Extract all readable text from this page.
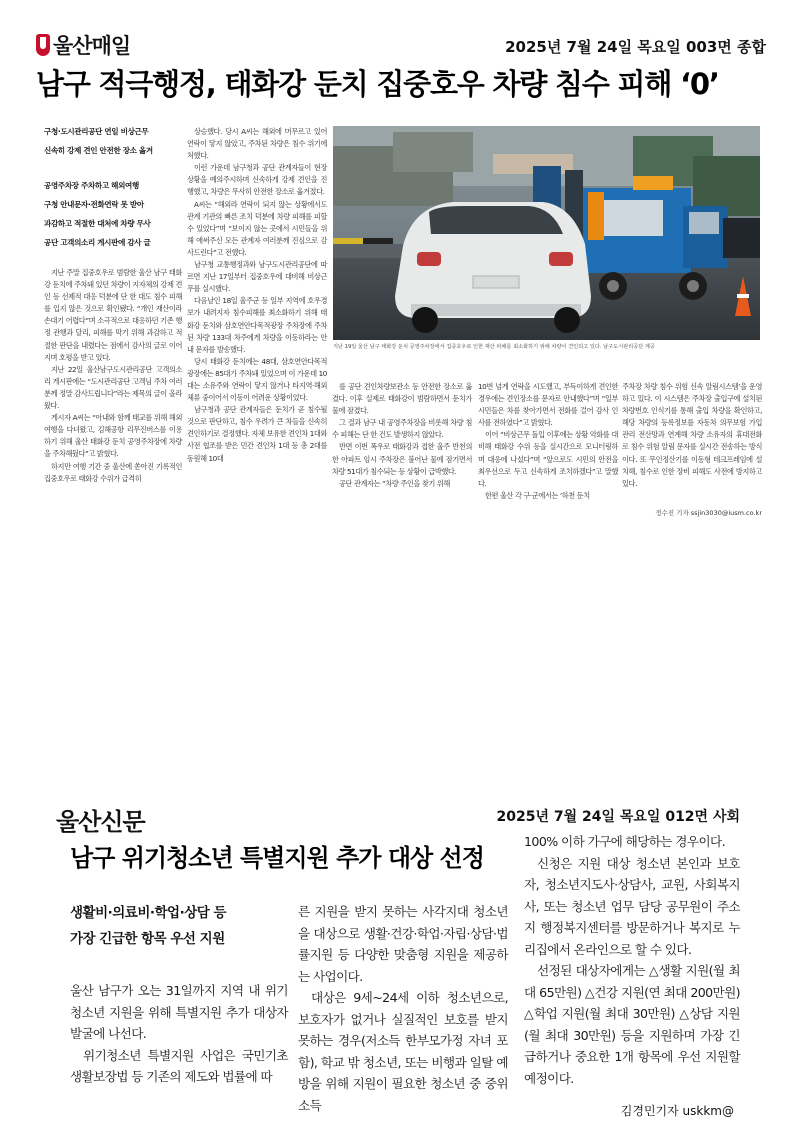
울산매일	2025년 7월 24일 목요일 003면 종합
남구 적극행정, 태화강 둔치 집중호우 차량 침수 피해 ‘0’
구청·도시관리공단 연일 비상근무
신속히 강제 견인 안전한 장소 옮겨
공영주차장 주차하고 해외여행
구청 안내문자·전화연락 못 받아
과감하고 적절한 대처에 차량 무사
공단 고객의소리 게시판에 감사 글

지난 주말 집중호우로 범람한 울산 남구 태화강 둔치에 주차돼 있던 차량이 지자체의 강제 견인 등 선제적 대응 덕분에 단 한 대도 침수 피해를 입지 않은 것으로 확인됐다. “개인 재산이라 손대기 어렵다”며 소극적으로 대응하던 기존 행정 관행과 달리, 피해를 막기 위해 과감하고 적절한 판단을 내렸다는 점에서 감사의 글로 이어지며 호평을 받고 있다.

지난 22일 울산남구도시관리공단 고객의소리 게시판에는 “도시관리공단 고객님 주차 여러분께 정말 감사드립니다”라는 제목의 글이 올라왔다.

게시자 A씨는 “아내와 함께 태교를 위해 해외여행을 다녀왔고, 김해공항 리무진버스를 이용하기 위해 울산 태화강 둔치 공영주차장에 차량을 주차해뒀다”고 밝혔다.

하지만 여행 기간 중 울산에 쏟아진 기록적인 집중호우로 태화강 수위가 급격히

상승했다. 당시 A씨는 해외에 머무르고 있어 연락이 닿지 않았고, 주차된 차량은 침수 위기에 처했다.

이런 가운데 남구청과 공단 관계자들이 현장 상황을 예의주시하며 신속하게 강제 견인을 진행했고, 차량은 무사히 안전한 장소로 옮겨졌다.

A씨는 “해외라 연락이 되지 않는 상황에서도 관계 기관의 빠른 조치 덕분에 차량 피해를 피할 수 있었다”며 “보이지 않는 곳에서 시민들을 위해 애써주신 모든 관계자 여러분께 진심으로 감사드린다”고 전했다.

남구청 교통행정과와 남구도시관리공단에 따르면 지난 17일부터 집중호우에 대비해 비상근무를 실시했다.

다음날인 18일 울주군 등 일부 지역에 호우경보가 내려지자 침수피해를 최소화하기 위해 태화강 둔치와 삼호연안다목적광장 주차장에 주차된 차량 133대 차주에게 차량을 이동하라는 안내 문자를 발송했다.

당시 태화강 둔치에는 48대, 삼호연안다목적광장에는 85대가 주차돼 있었으며 이 가운데 10대는 소유주와 연락이 닿지 않거나 타지역·해외 체류 중이어서 이동이 어려운 상황이었다.

남구청과 공단 관계자들은 둔치가 곧 침수될 것으로 판단하고, 침수 우려가 큰 차들을 신속히 견인하기로 결정했다. 자체 보유한 견인차 1대와 사전 협조를 받은 민간 견인차 1대 등 총 2대를 동원해 10대

지난 19일 울산 남구 태화강 둔치 공영주차장에서 집중호우로 인한 재산 피해를 최소화하기 위해 차량이 견인되고 있다. 남구도시관리공단 제공

를 공단 견인차량보관소 등 안전한 장소로 옮겼다. 이후 실제로 태화강이 범람하면서 둔치가 물에 잠겼다.

그 결과 남구 내 공영주차장을 비롯해 차량 침수 피해는 단 한 건도 발생하지 않았다.

반면 이번 폭우로 태화강과 접한 울주 반천의 한 아파트 임시 주차장은 불어난 물에 잠기면서 차량 51대가 침수되는 등 상황이 급박했다.

공단 관계자는 “차량 주인을 찾기 위해

10번 넘게 연락을 시도했고, 부득이하게 견인한 경우에는 견인장소를 문자로 안내했다”며 “일부 시민들은 차를 찾아가면서 전화를 걸어 감사 인사를 전하였다”고 밝혔다.

이어 “비상근무 돌입 이후에는 상황 악화를 대비해 태화강 수위 등을 실시간으로 모니터링하며 대응에 나섰다”며 “앞으로도 시민의 안전을 최우선으로 두고 신속하게 조치하겠다”고 말했다.

한편 울산 각 구·군에서는 ‘하천 둔치

주차장 차량 침수 위험 신속 알림시스템’을 운영하고 있다. 이 시스템은 주차장 출입구에 설치된 차량번호 인식기를 통해 출입 차량을 확인하고, 해당 차량의 등록정보를 자동차 의무보험 가입관리 전산망과 연계해 차량 소유자의 휴대전화로 침수 위험 알림 문자를 실시간 전송하는 방식이다. 또 무인정산기를 이동형 테크프레임에 설치해, 침수로 인한 장비 피해도 사전에 방지하고 있다.

정수진 기자 ssjin3030@iusm.co.kr
울산신문	2025년 7월 24일 목요일 012면 사회
남구 위기청소년 특별지원 추가 대상 선정
생활비·의료비·학업·상담 등
가장 긴급한 항목 우선 지원

울산 남구가 오는 31일까지 지역 내 위기청소년 지원을 위해 특별지원 추가 대상자 발굴에 나선다.

위기청소년 특별지원 사업은 국민기초생활보장법 등 기존의 제도와 법률에 따

른 지원을 받지 못하는 사각지대 청소년을 대상으로 생활·건강·학업·자립·상담·법률지원 등 다양한 맞춤형 지원을 제공하는 사업이다.

대상은 9세~24세 이하 청소년으로, 보호자가 없거나 실질적인 보호를 받지 못하는 경우(저소득 한부모가정 자녀 포함), 학교 밖 청소년, 또는 비행과 일탈 예방을 위해 지원이 필요한 청소년 중 중위소득

100% 이하 가구에 해당하는 경우이다.

신청은 지원 대상 청소년 본인과 보호자, 청소년지도사·상담사, 교원, 사회복지사, 또는 청소년 업무 담당 공무원이 주소지 행정복지센터를 방문하거나 복지로 누리집에서 온라인으로 할 수 있다.

선정된 대상자에게는 △생활 지원(월 최대 65만원) △건강 지원(연 최대 200만원) △학업 지원(월 최대 30만원) △상담 지원(월 최대 30만원) 등을 지원하며 가장 긴급하거나 중요한 1개 항목에 우선 지원할 예정이다.

김경민기자 uskkm@
